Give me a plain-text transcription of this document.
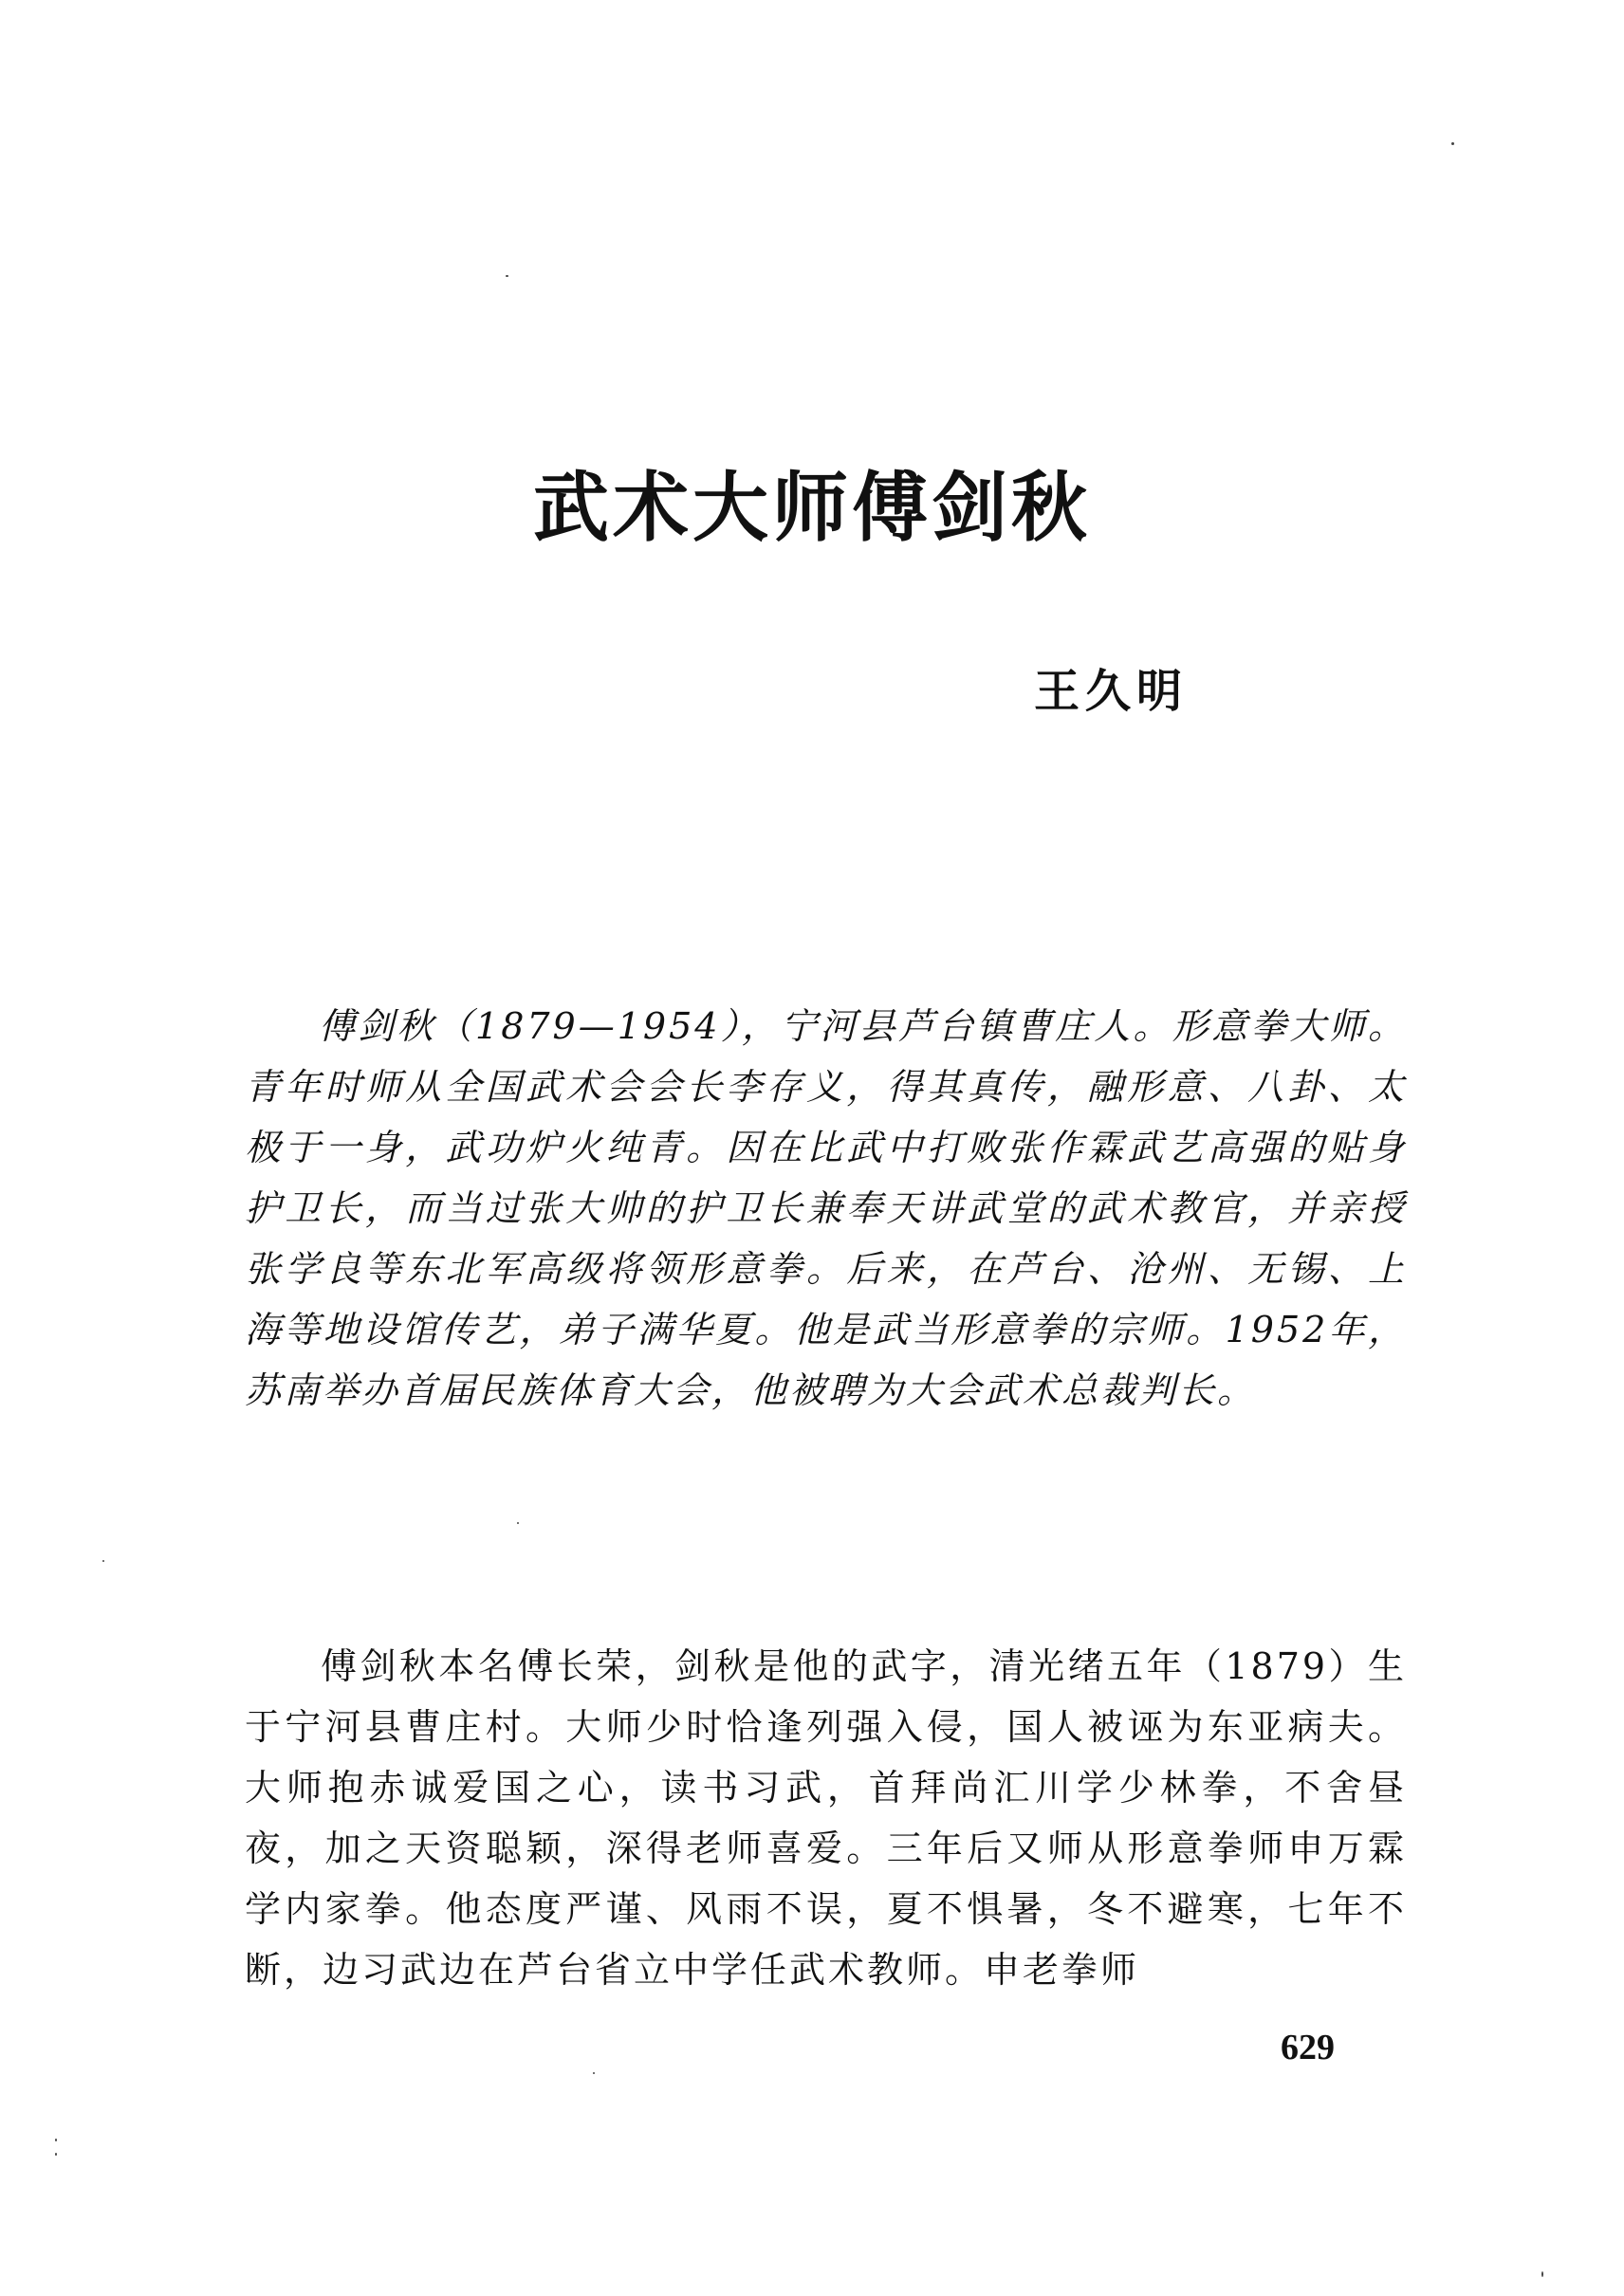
武术大师傅剑秋
王久明

傅剑秋（1879—1954），宁河县芦台镇曹庄人。形意拳大师。青年时师从全国武术会会长李存义，得其真传，融形意、八卦、太极于一身，武功炉火纯青。因在比武中打败张作霖武艺高强的贴身护卫长，而当过张大帅的护卫长兼奉天讲武堂的武术教官，并亲授张学良等东北军高级将领形意拳。后来，在芦台、沧州、无锡、上海等地设馆传艺，弟子满华夏。他是武当形意拳的宗师。1952年，苏南举办首届民族体育大会，他被聘为大会武术总裁判长。

傅剑秋本名傅长荣，剑秋是他的武字，清光绪五年（1879）生于宁河县曹庄村。大师少时恰逢列强入侵，国人被诬为东亚病夫。大师抱赤诚爱国之心，读书习武，首拜尚汇川学少林拳，不舍昼夜，加之天资聪颖，深得老师喜爱。三年后又师从形意拳师申万霖学内家拳。他态度严谨、风雨不误，夏不惧暑，冬不避寒，七年不断，边习武边在芦台省立中学任武术教师。申老拳师

629
